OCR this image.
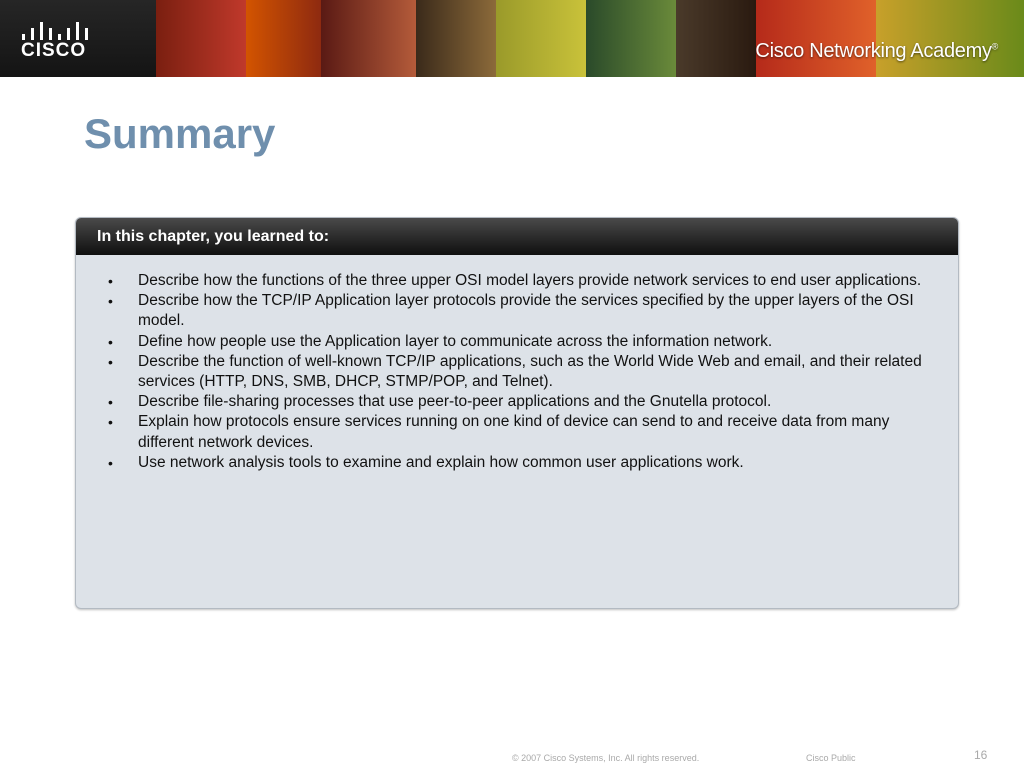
CISCO	Cisco Networking Academy®
Summary
In this chapter, you learned to:
• Describe how the functions of the three upper OSI model layers provide network services to end user applications.
• Describe how the TCP/IP Application layer protocols provide the services specified by the upper layers of the OSI model.
• Define how people use the Application layer to communicate across the information network.
• Describe the function of well-known TCP/IP applications, such as the World Wide Web and email, and their related services (HTTP, DNS, SMB, DHCP, STMP/POP, and Telnet).
• Describe file-sharing processes that use peer-to-peer applications and the Gnutella protocol.
• Explain how protocols ensure services running on one kind of device can send to and receive data from many different network devices.
• Use network analysis tools to examine and explain how common user applications work.
© 2007 Cisco Systems, Inc. All rights reserved.	Cisco Public	16
